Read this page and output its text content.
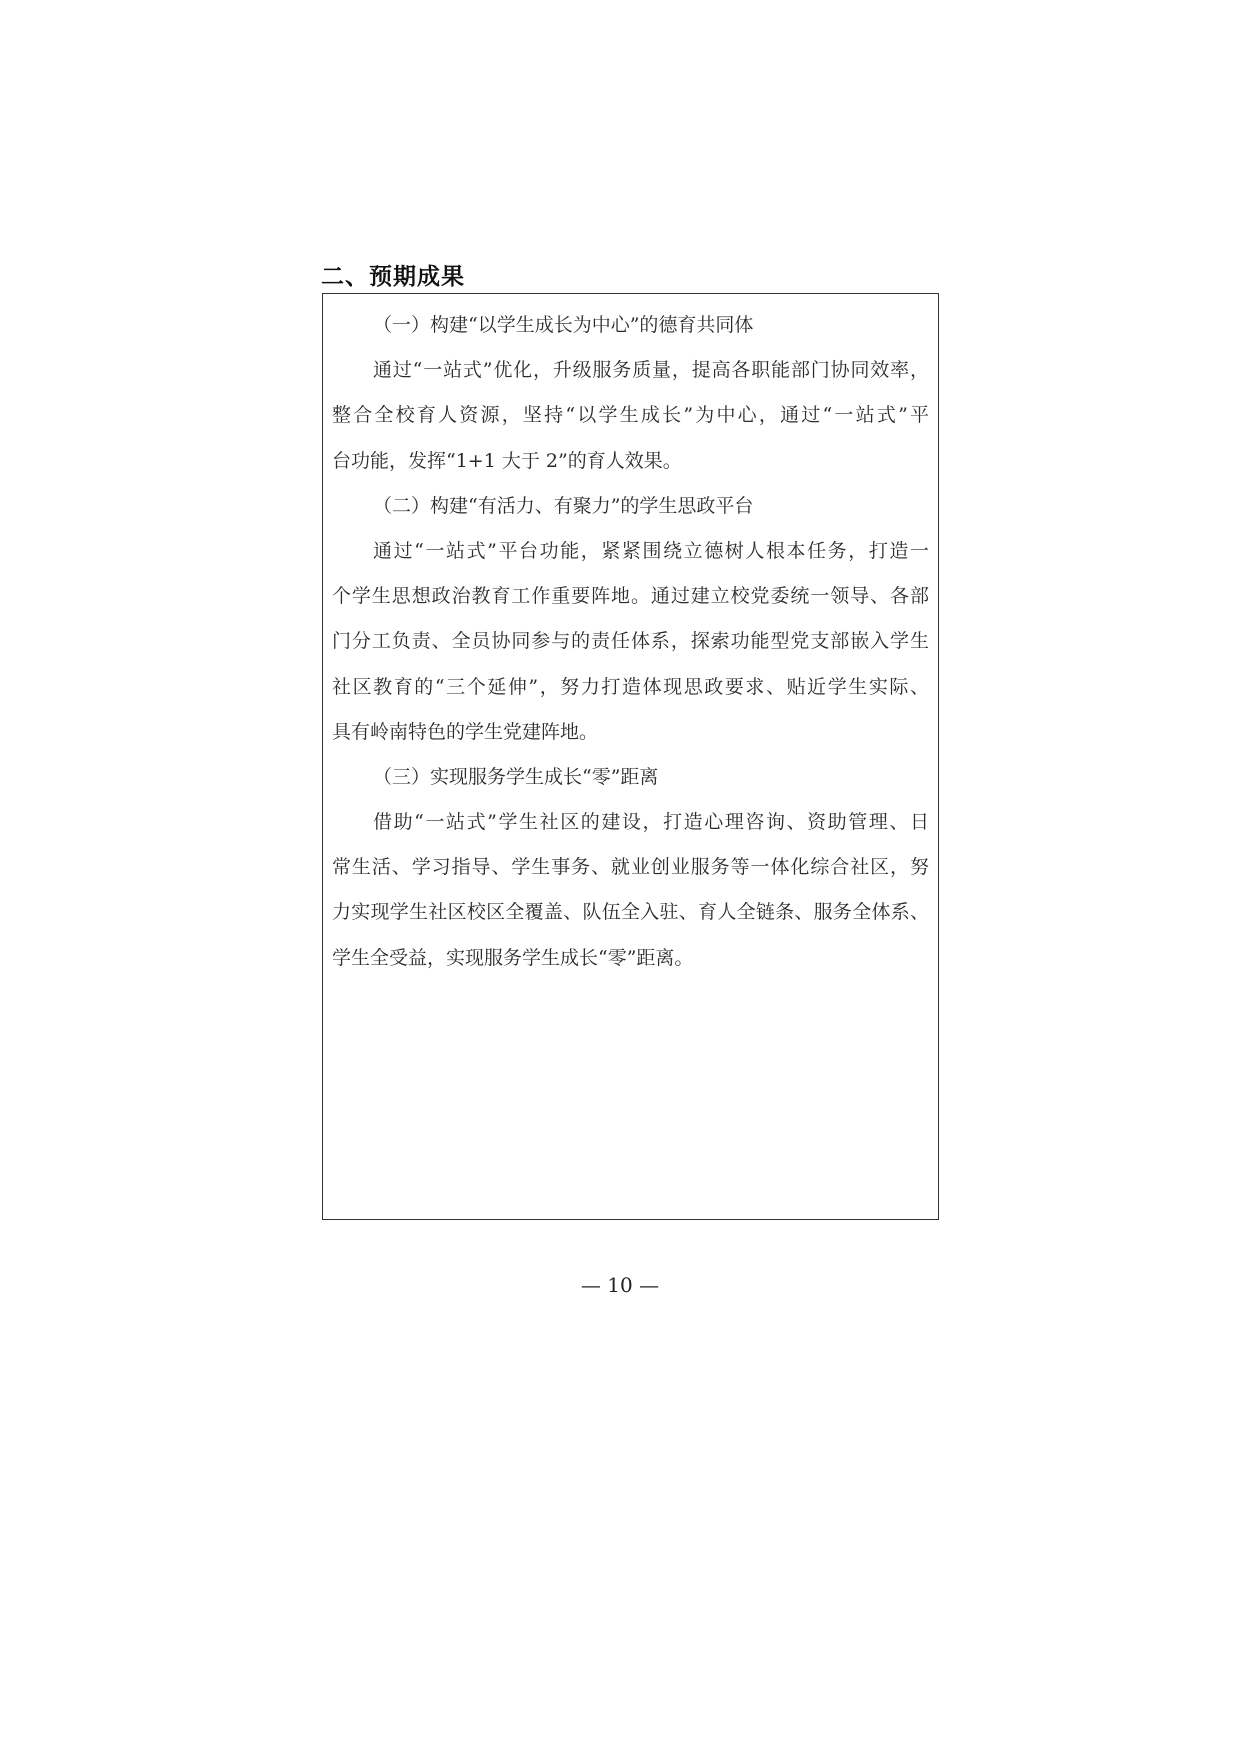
二、预期成果
（一）构建“以学生成长为中心”的德育共同体
通过“一站式”优化，升级服务质量，提高各职能部门协同效率，
整合全校育人资源，坚持“以学生成长”为中心，通过“一站式”平
台功能，发挥“1+1 大于 2”的育人效果。
（二）构建“有活力、有聚力”的学生思政平台
通过“一站式”平台功能，紧紧围绕立德树人根本任务，打造一
个学生思想政治教育工作重要阵地。通过建立校党委统一领导、各部
门分工负责、全员协同参与的责任体系，探索功能型党支部嵌入学生
社区教育的“三个延伸”，努力打造体现思政要求、贴近学生实际、
具有岭南特色的学生党建阵地。
（三）实现服务学生成长“零”距离
借助“一站式”学生社区的建设，打造心理咨询、资助管理、日
常生活、学习指导、学生事务、就业创业服务等一体化综合社区，努
力实现学生社区校区全覆盖、队伍全入驻、育人全链条、服务全体系、
学生全受益，实现服务学生成长“零”距离。
— 10 —
